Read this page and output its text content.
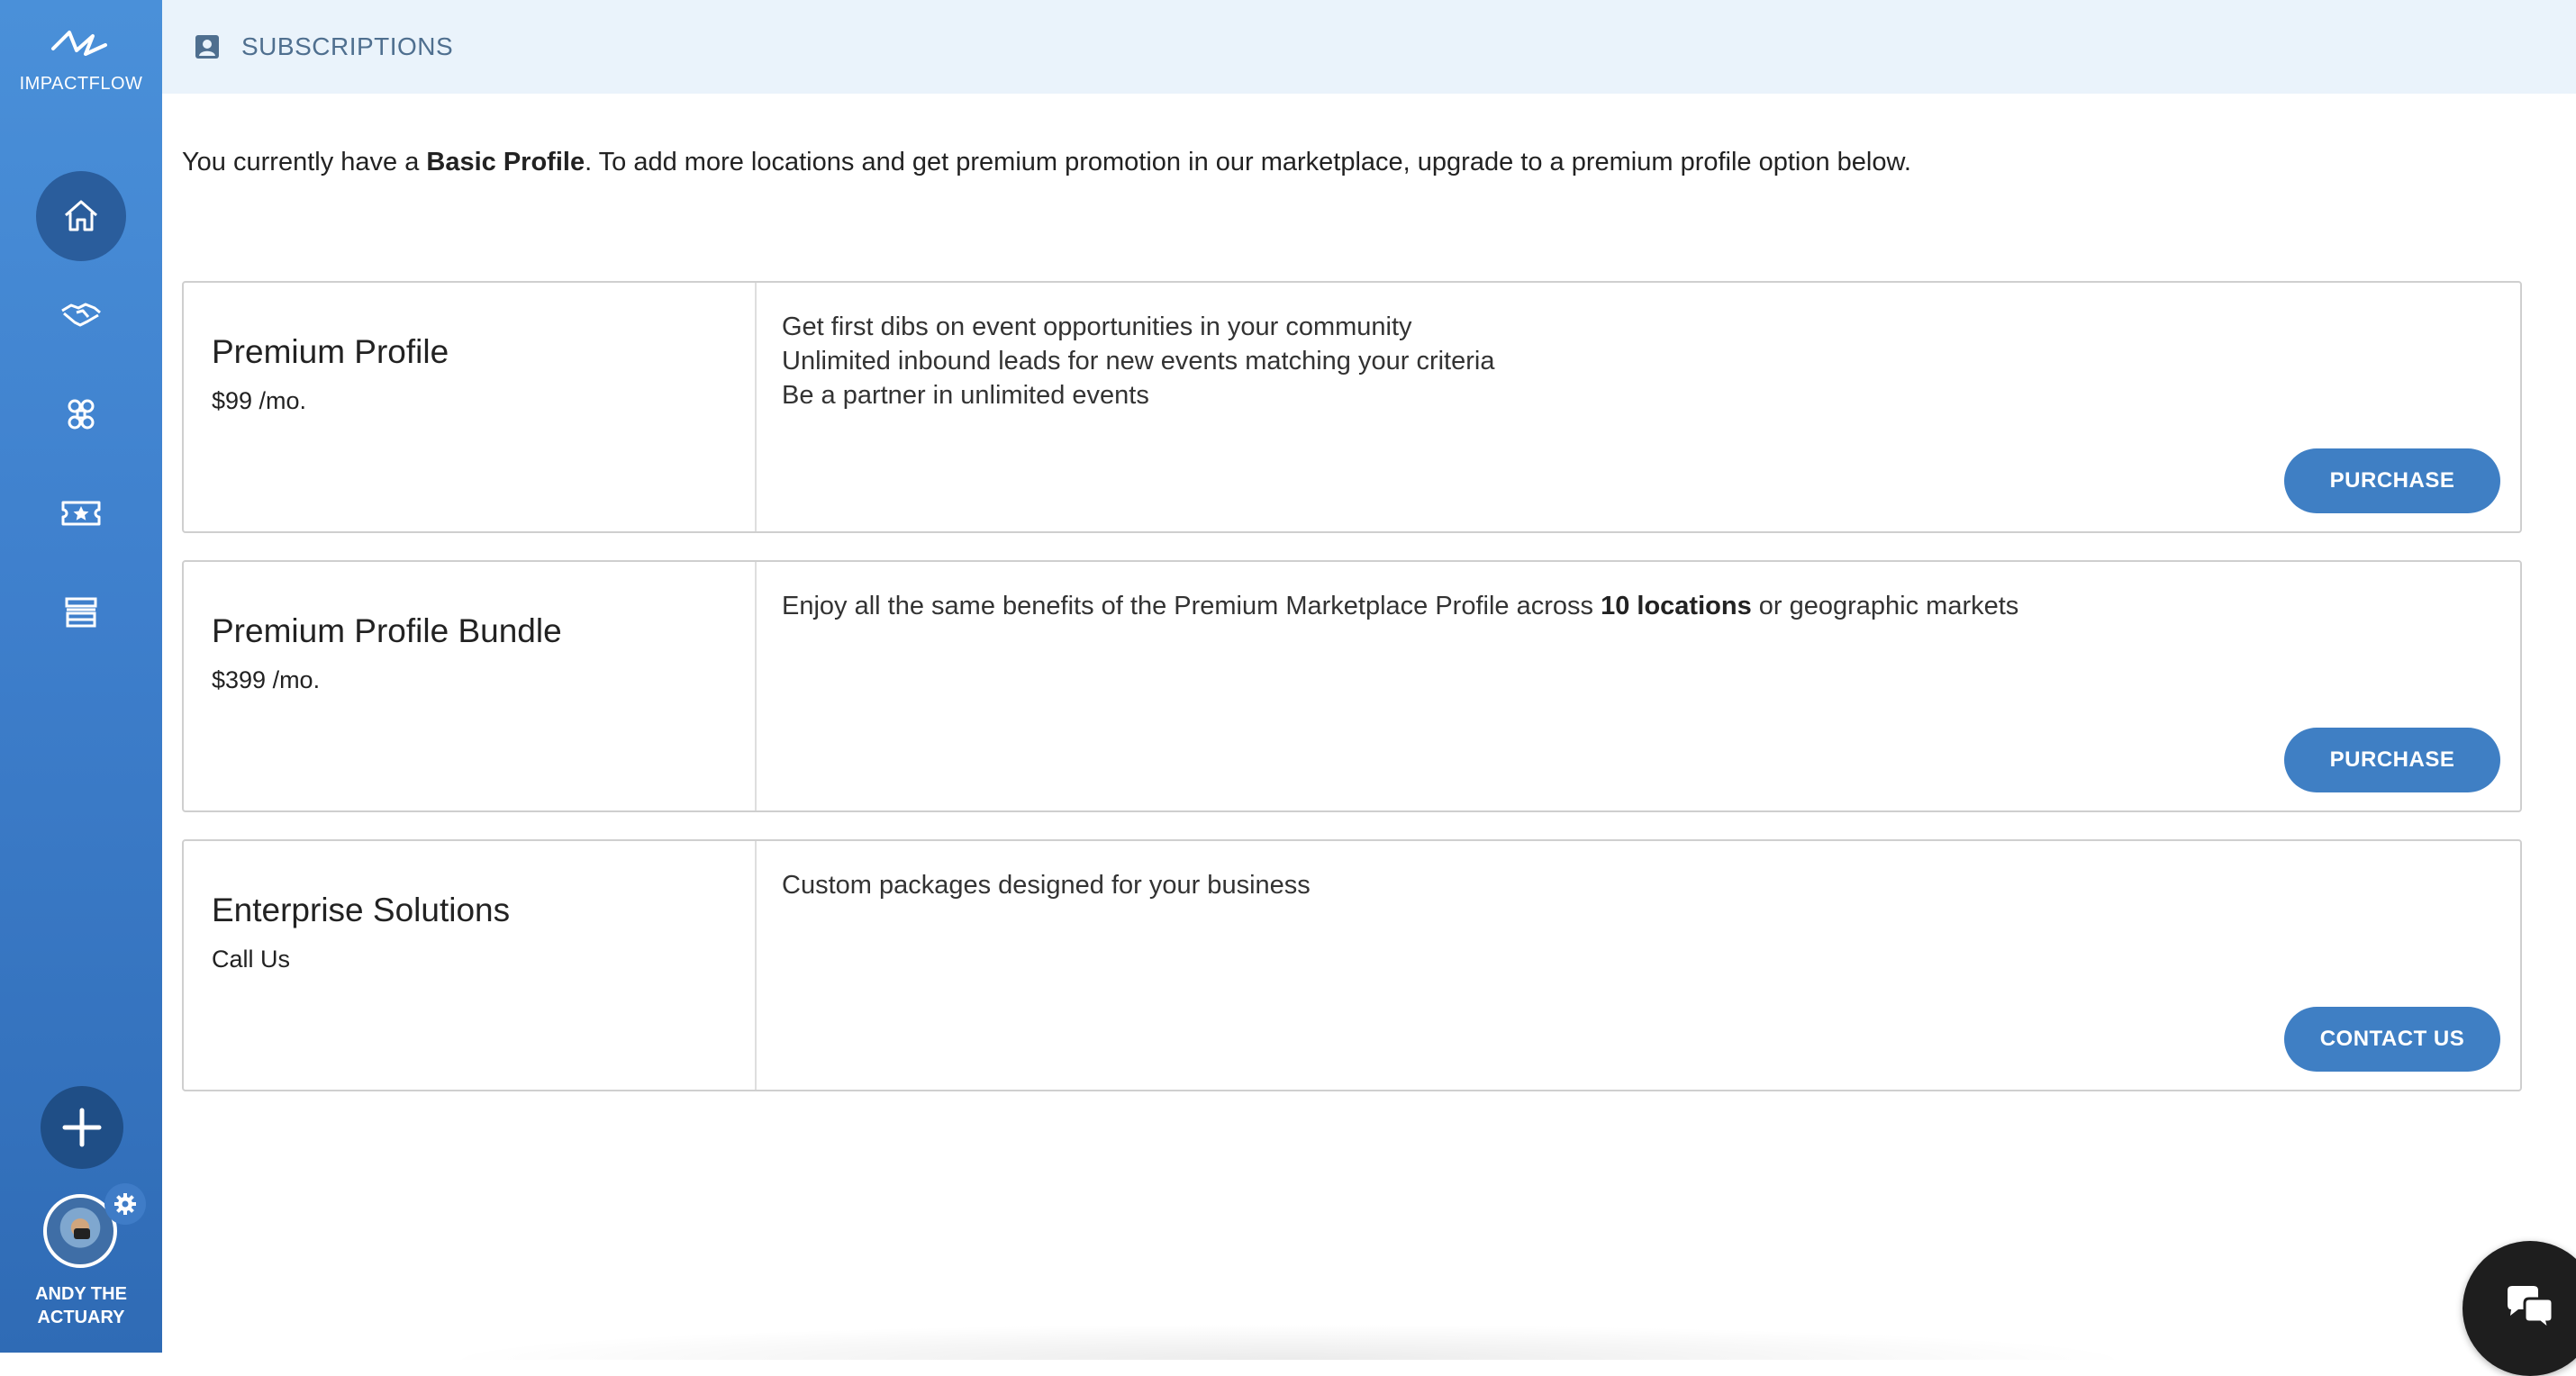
IMPACTFLOW
ANDY THE
ACTUARY
SUBSCRIPTIONS
You currently have a Basic Profile. To add more locations and get premium promotion in our marketplace, upgrade to a premium profile option below.
Premium Profile
$99 /mo.
Get first dibs on event opportunities in your community
Unlimited inbound leads for new events matching your criteria
Be a partner in unlimited events
PURCHASE
Premium Profile Bundle
$399 /mo.
Enjoy all the same benefits of the Premium Marketplace Profile across 10 locations or geographic markets
PURCHASE
Enterprise Solutions
Call Us
Custom packages designed for your business
CONTACT US
